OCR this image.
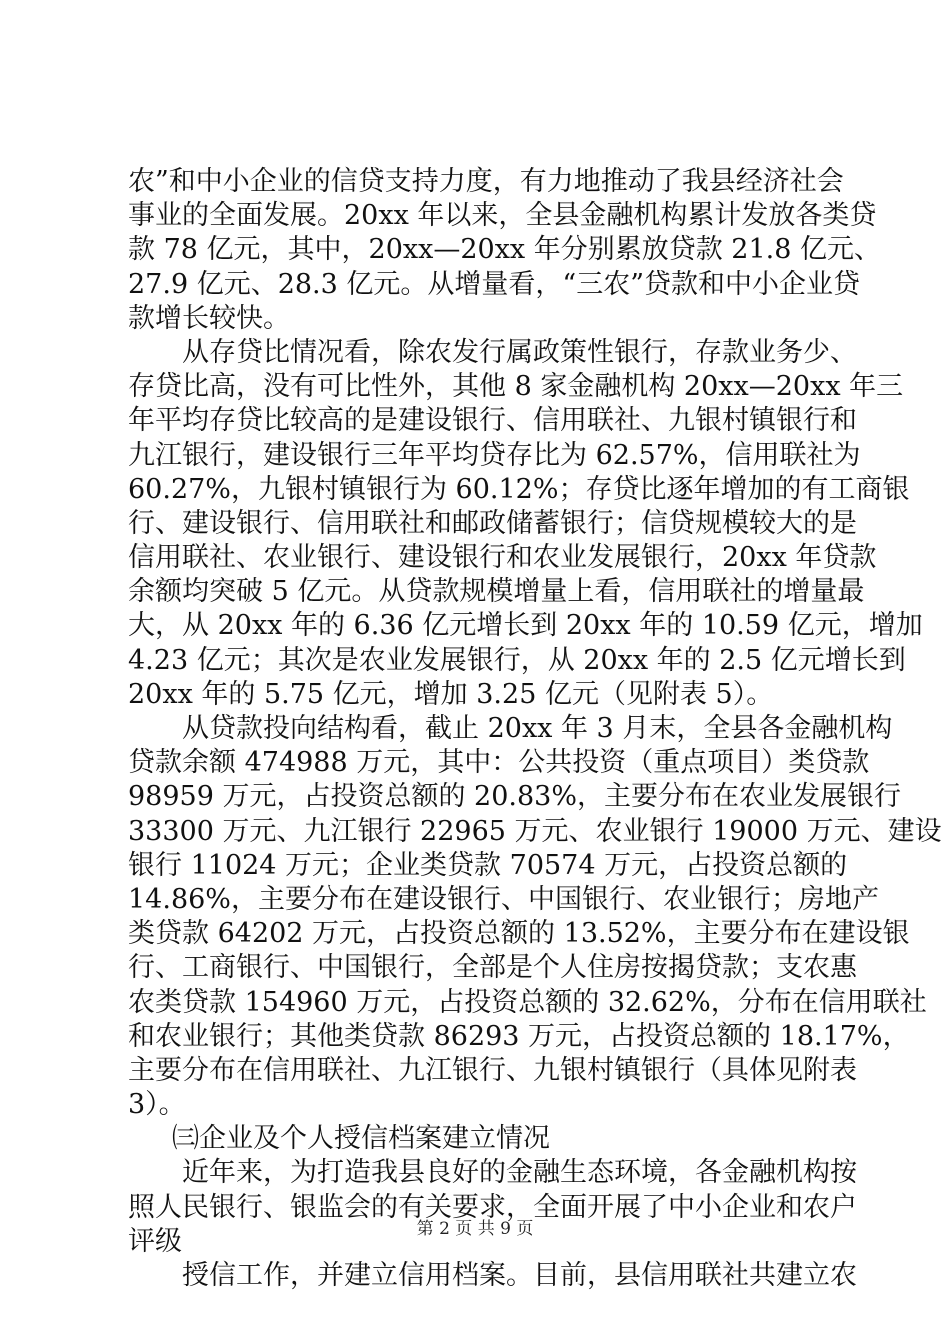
农”和中小企业的信贷支持力度，有力地推动了我县经济社会
事业的全面发展。20xx 年以来，全县金融机构累计发放各类贷
款 78 亿元，其中，20xx—20xx 年分别累放贷款 21.8 亿元、
27.9 亿元、28.3 亿元。从增量看，“三农”贷款和中小企业贷
款增长较快。
从存贷比情况看，除农发行属政策性银行，存款业务少、
存贷比高，没有可比性外，其他 8 家金融机构 20xx—20xx 年三
年平均存贷比较高的是建设银行、信用联社、九银村镇银行和
九江银行，建设银行三年平均贷存比为 62.57%，信用联社为
60.27%，九银村镇银行为 60.12%；存贷比逐年增加的有工商银
行、建设银行、信用联社和邮政储蓄银行；信贷规模较大的是
信用联社、农业银行、建设银行和农业发展银行，20xx 年贷款
余额均突破 5 亿元。从贷款规模增量上看，信用联社的增量最
大，从 20xx 年的 6.36 亿元增长到 20xx 年的 10.59 亿元，增加
4.23 亿元；其次是农业发展银行，从 20xx 年的 2.5 亿元增长到
20xx 年的 5.75 亿元，增加 3.25 亿元（见附表 5）。
从贷款投向结构看，截止 20xx 年 3 月末，全县各金融机构
贷款余额 474988 万元，其中：公共投资（重点项目）类贷款
98959 万元，占投资总额的 20.83%，主要分布在农业发展银行
33300 万元、九江银行 22965 万元、农业银行 19000 万元、建设
银行 11024 万元；企业类贷款 70574 万元，占投资总额的
14.86%，主要分布在建设银行、中国银行、农业银行；房地产
类贷款 64202 万元，占投资总额的 13.52%，主要分布在建设银
行、工商银行、中国银行，全部是个人住房按揭贷款；支农惠
农类贷款 154960 万元，占投资总额的 32.62%，分布在信用联社
和农业银行；其他类贷款 86293 万元，占投资总额的 18.17%，
主要分布在信用联社、九江银行、九银村镇银行（具体见附表
3）。
㈢企业及个人授信档案建立情况
近年来，为打造我县良好的金融生态环境，各金融机构按
照人民银行、银监会的有关要求，全面开展了中小企业和农户
评级
授信工作，并建立信用档案。目前，县信用联社共建立农
第 2 页 共 9 页
